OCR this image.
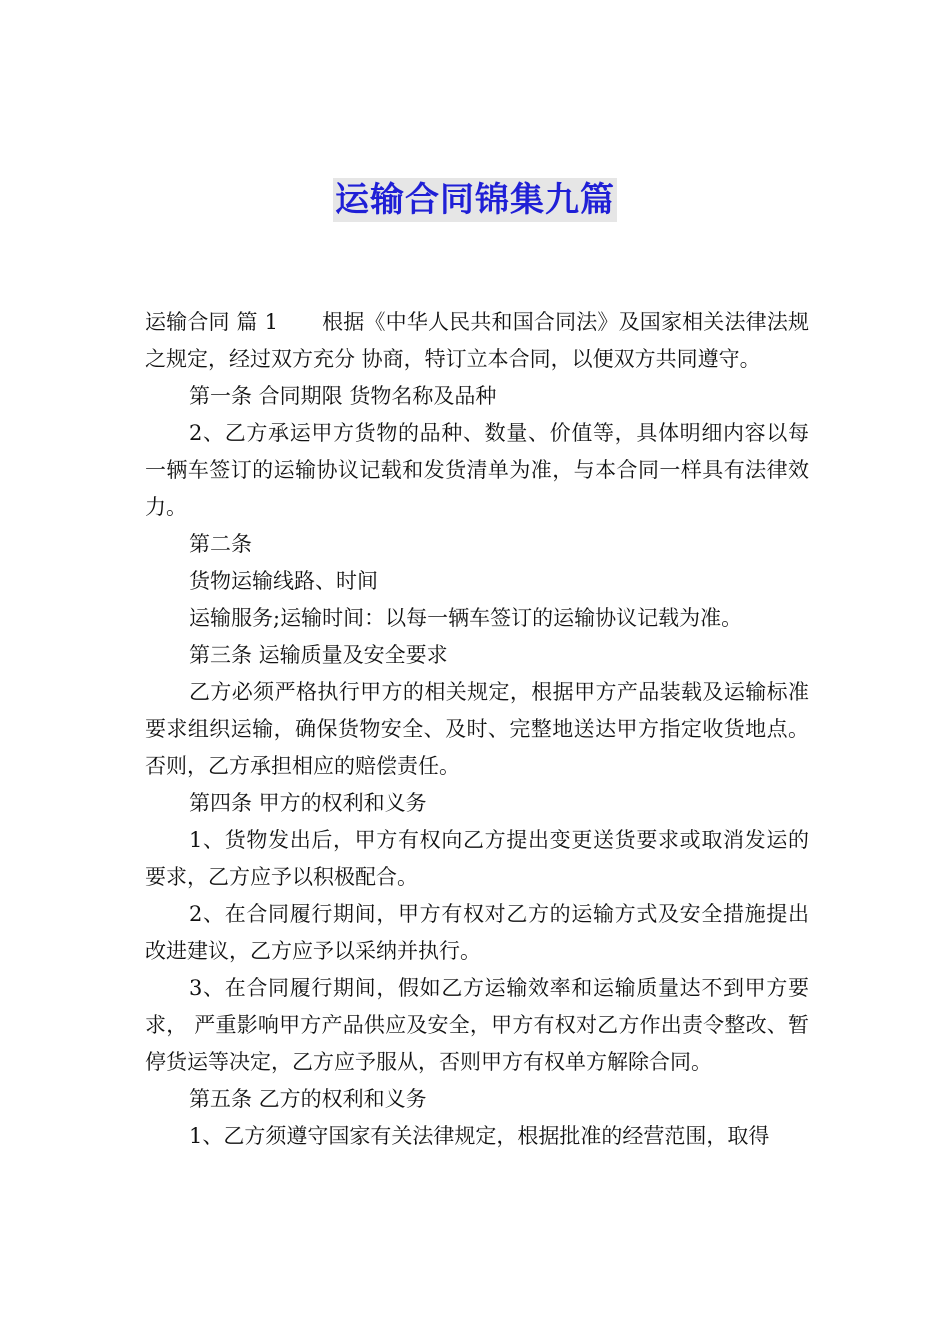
运输合同锦集九篇

运输合同 篇 1 根据《中华人民共和国合同法》及国家相关法律法规之规定，经过双方充分 协商，特订立本合同，以便双方共同遵守。

第一条 合同期限 货物名称及品种

2、乙方承运甲方货物的品种、数量、价值等，具体明细内容以每一辆车签订的运输协议记载和发货清单为准，与本合同一样具有法律效力。

第二条

货物运输线路、时间

运输服务;运输时间：以每一辆车签订的运输协议记载为准。

第三条 运输质量及安全要求

乙方必须严格执行甲方的相关规定，根据甲方产品装载及运输标准要求组织运输，确保货物安全、及时、完整地送达甲方指定收货地点。否则，乙方承担相应的赔偿责任。

第四条 甲方的权利和义务

1、货物发出后，甲方有权向乙方提出变更送货要求或取消发运的要求，乙方应予以积极配合。

2、在合同履行期间，甲方有权对乙方的运输方式及安全措施提出改进建议，乙方应予以采纳并执行。

3、在合同履行期间，假如乙方运输效率和运输质量达不到甲方要求， 严重影响甲方产品供应及安全，甲方有权对乙方作出责令整改、暂停货运等决定，乙方应予服从，否则甲方有权单方解除合同。

第五条 乙方的权利和义务

1、乙方须遵守国家有关法律规定，根据批准的经营范围，取得
